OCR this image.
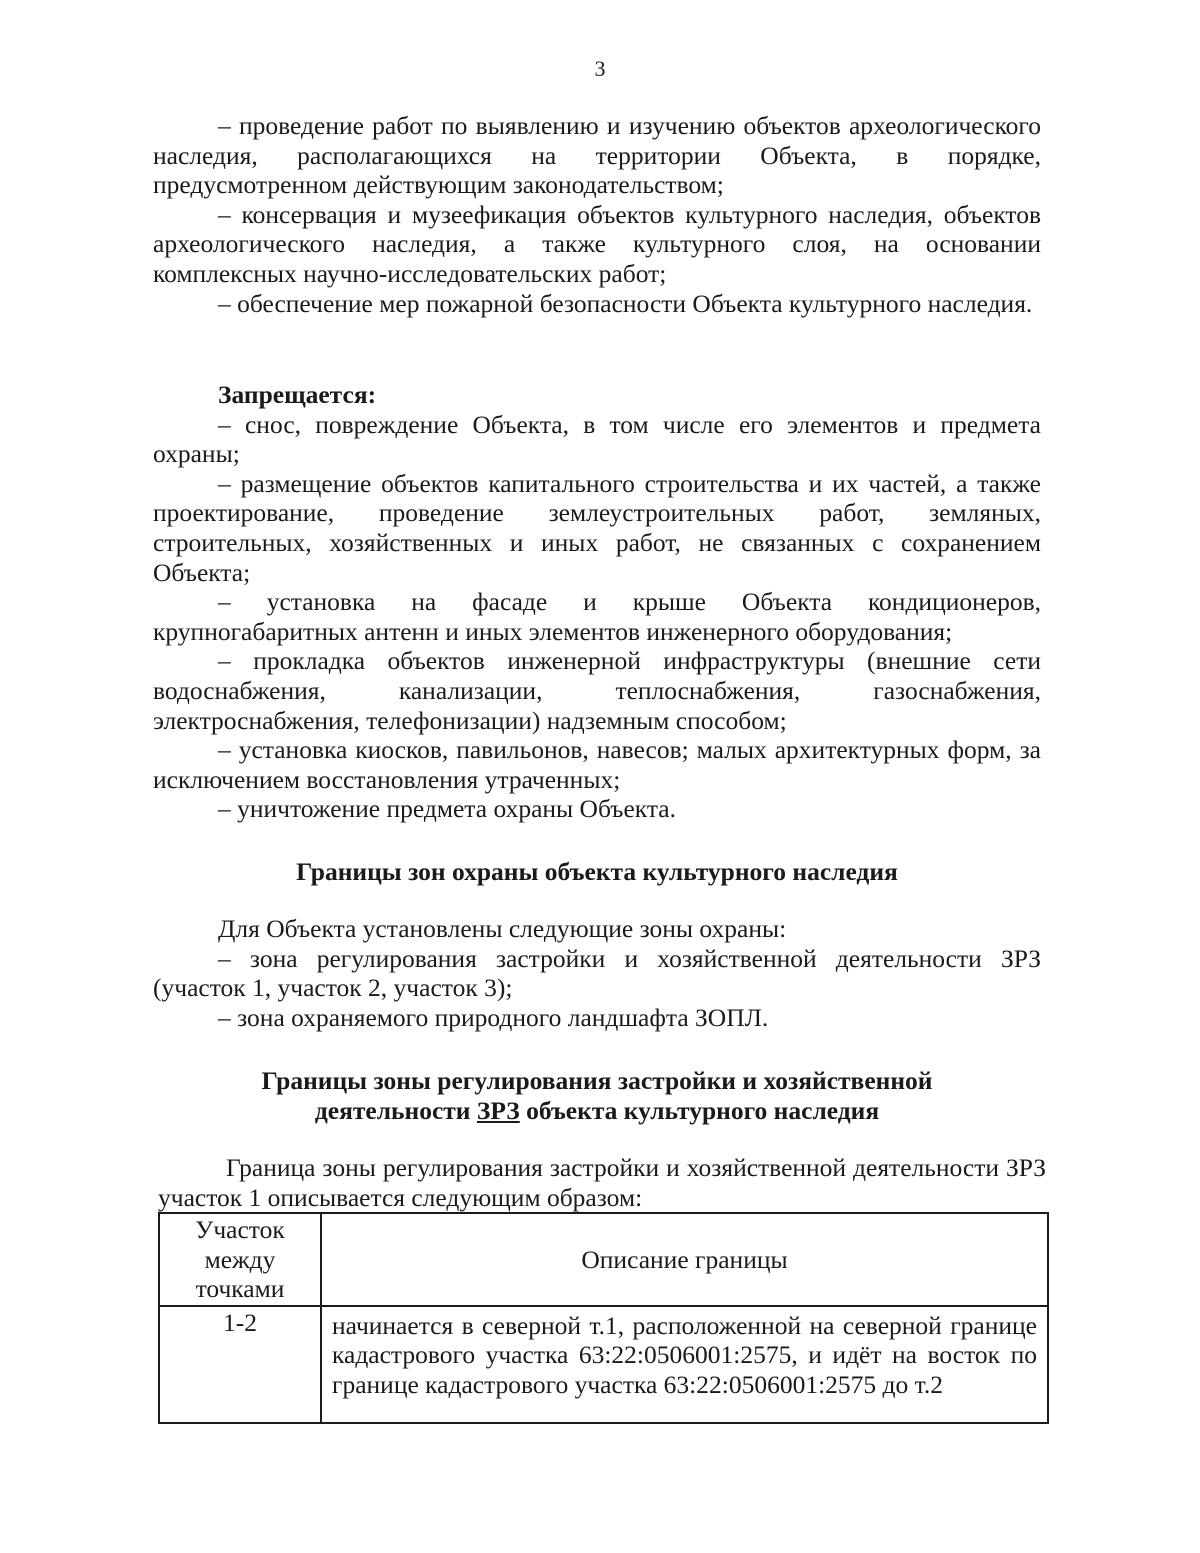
3

– проведение работ по выявлению и изучению объектов археологического наследия, располагающихся на территории Объекта, в порядке, предусмотренном действующим законодательством;

– консервация и музеефикация объектов культурного наследия, объектов археологического наследия, а также культурного слоя, на основании комплексных научно-исследовательских работ;

– обеспечение мер пожарной безопасности Объекта культурного наследия.

Запрещается:

– снос, повреждение Объекта, в том числе его элементов и предмета охраны;

– размещение объектов капитального строительства и их частей, а также проектирование, проведение землеустроительных работ, земляных, строительных, хозяйственных и иных работ, не связанных с сохранением Объекта;

– установка на фасаде и крыше Объекта кондиционеров, крупногабаритных антенн и иных элементов инженерного оборудования;

– прокладка объектов инженерной инфраструктуры (внешние сети водоснабжения, канализации, теплоснабжения, газоснабжения, электроснабжения, телефонизации) надземным способом;

– установка киосков, павильонов, навесов; малых архитектурных форм, за исключением восстановления утраченных;

– уничтожение предмета охраны Объекта.

Границы зон охраны объекта культурного наследия

Для Объекта установлены следующие зоны охраны:

– зона регулирования застройки и хозяйственной деятельности ЗРЗ (участок 1, участок 2, участок 3);

– зона охраняемого природного ландшафта ЗОПЛ.

Границы зоны регулирования застройки и хозяйственной
деятельности ЗРЗ объекта культурного наследия

Граница зоны регулирования застройки и хозяйственной деятельности ЗРЗ участок 1 описывается следующим образом:

Участок между точками	Описание границы
1-2	начинается в северной т.1, расположенной на северной границе кадастрового участка 63:22:0506001:2575, и идёт на восток по границе кадастрового участка 63:22:0506001:2575 до т.2
